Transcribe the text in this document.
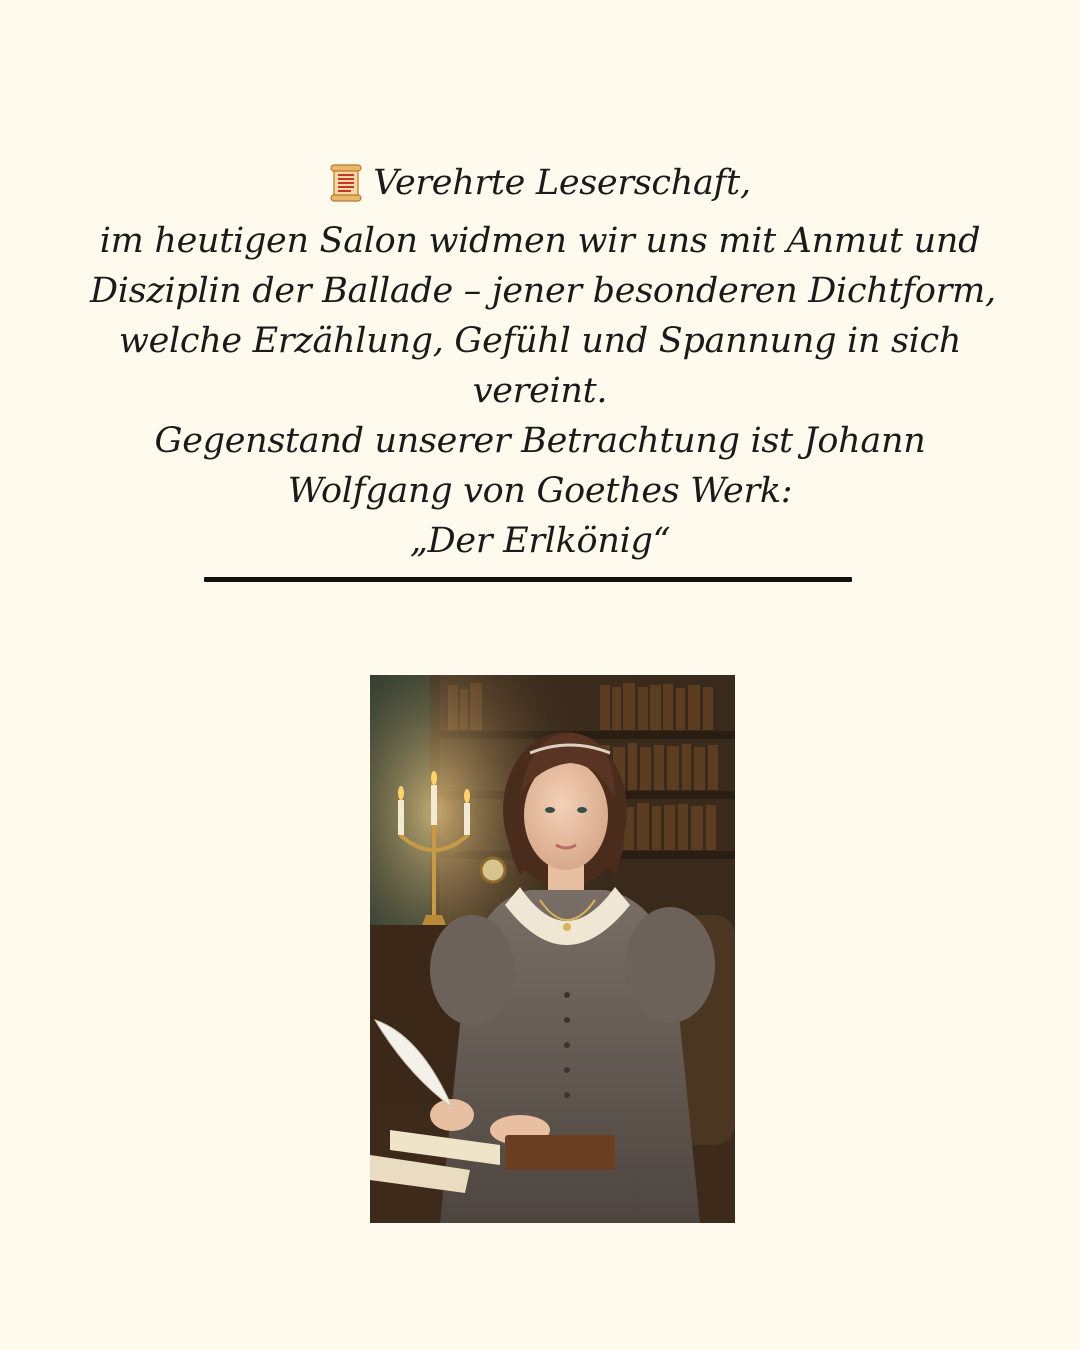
Verehrte Leserschaft,
im heutigen Salon widmen wir uns mit Anmut und
Disziplin der Ballade – jener besonderen Dichtform,
welche Erzählung, Gefühl und Spannung in sich
vereint.
Gegenstand unserer Betrachtung ist Johann
Wolfgang von Goethes Werk:
„Der Erlkönig“
